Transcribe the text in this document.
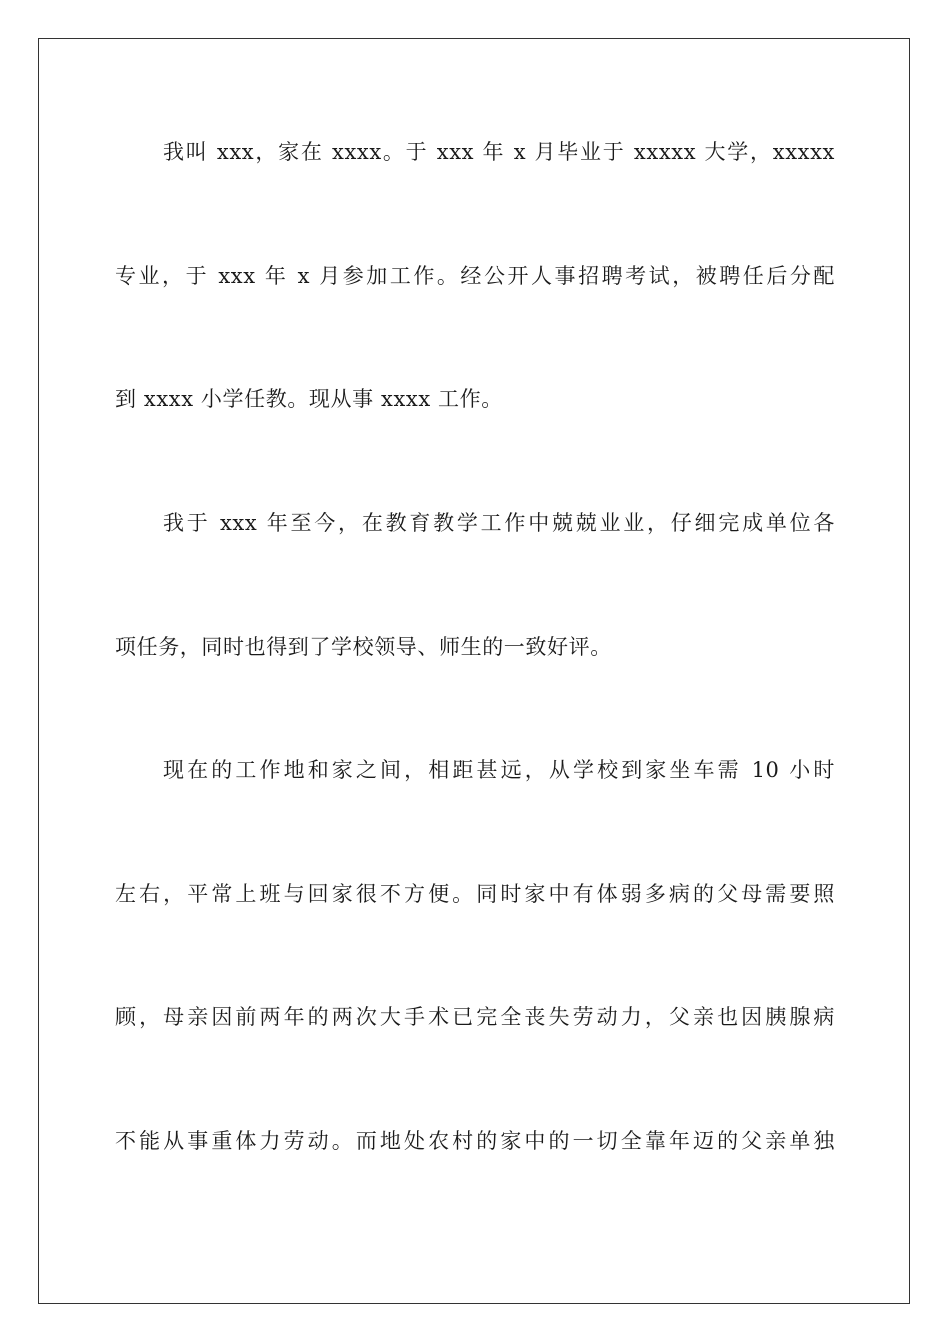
我叫 xxx，家在 xxxx。于 xxx 年 x 月毕业于 xxxxx 大学，xxxxx
专业，于 xxx 年 x 月参加工作。经公开人事招聘考试，被聘任后分配
到 xxxx 小学任教。现从事 xxxx 工作。
我于 xxx 年至今，在教育教学工作中兢兢业业，仔细完成单位各
项任务，同时也得到了学校领导、师生的一致好评。
现在的工作地和家之间，相距甚远，从学校到家坐车需 10 小时
左右，平常上班与回家很不方便。同时家中有体弱多病的父母需要照
顾，母亲因前两年的两次大手术已完全丧失劳动力，父亲也因胰腺病
不能从事重体力劳动。而地处农村的家中的一切全靠年迈的父亲单独
